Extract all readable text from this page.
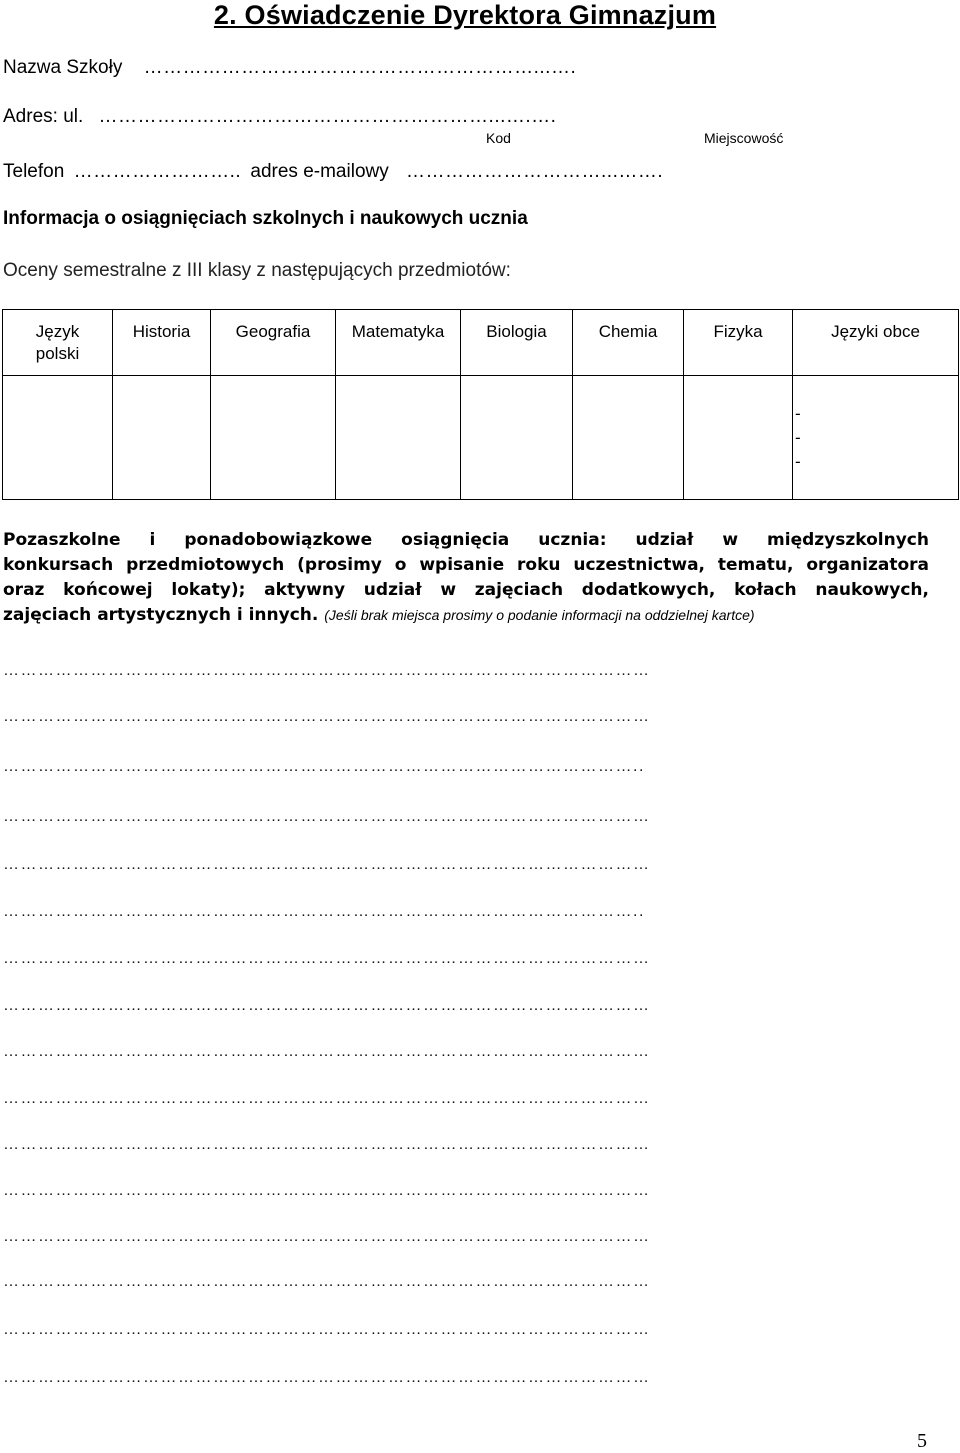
2. Oświadczenie Dyrektora Gimnazjum
Nazwa Szkoły ……………………………………………………...….
Adres: ul. ……………………………………………………...….….
Kod	Miejscowość
Telefon …………………….. adres e-mailowy …………………………...…….
Informacja o osiągnięciach szkolnych i naukowych ucznia
Oceny semestralne z III klasy z następujących przedmiotów:
Język polski	Historia	Geografia	Matematyka	Biologia	Chemia	Fizyka	Języki obce

							-
-
-
Pozaszkolne i ponadobowiązkowe osiągnięcia ucznia: udział w międzyszkolnych
konkursach przedmiotowych (prosimy o wpisanie roku uczestnictwa, tematu, organizatora
oraz końcowej lokaty); aktywny udział w zajęciach dodatkowych, kołach naukowych,
zajęciach artystycznych i innych. (Jeśli brak miejsca prosimy o podanie informacji na oddzielnej kartce)
…………………………………………………………………………………………………
…………………………………………………………………………………………………
………………………………………………………………………………………………..
…………………………………………………………………………………………………
…………………………………………………………………………………………………
………………………………………………………………………………………………..
…………………………………………………………………………………………………
…………………………………………………………………………………………………
…………………………………………………………………………………………………
…………………………………………………………………………………………………
…………………………………………………………………………………………………
…………………………………………………………………………………………………
…………………………………………………………………………………………………
…………………………………………………………………………………………………
…………………………………………………………………………………………………
…………………………………………………………………………………………………
5
